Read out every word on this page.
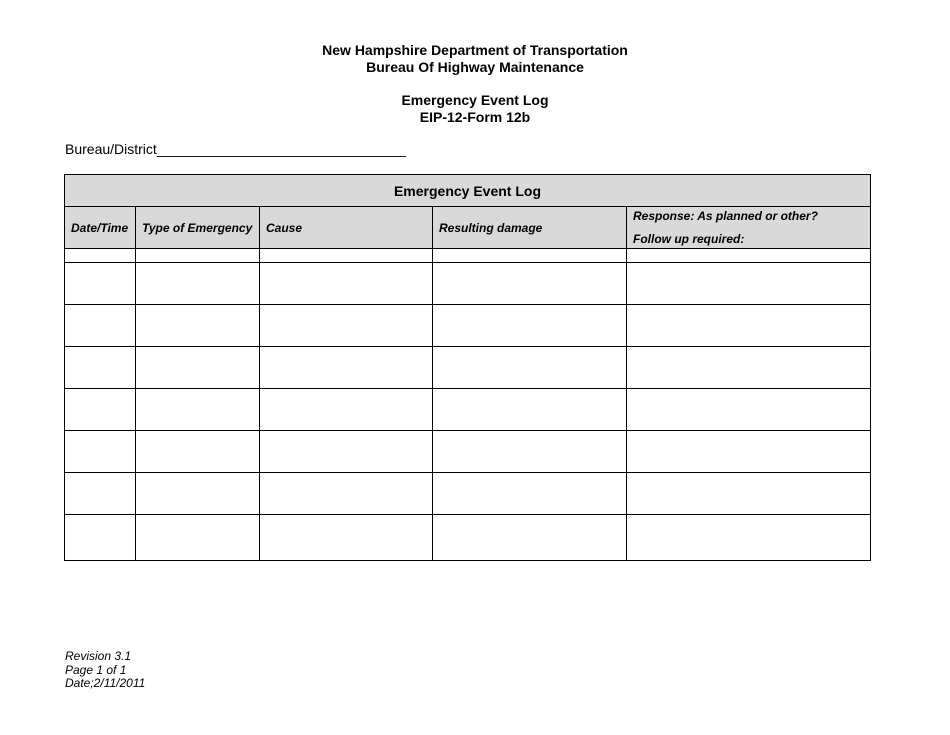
New Hampshire Department of Transportation
Bureau Of Highway Maintenance
Emergency Event Log
EIP-12-Form 12b
Bureau/District________________________________
Emergency Event Log				
Date/Time	Type of Emergency	Cause	Resulting damage	Response: As planned or other?
Follow up required:

Revision 3.1
Page 1 of 1
Date;2/11/2011
